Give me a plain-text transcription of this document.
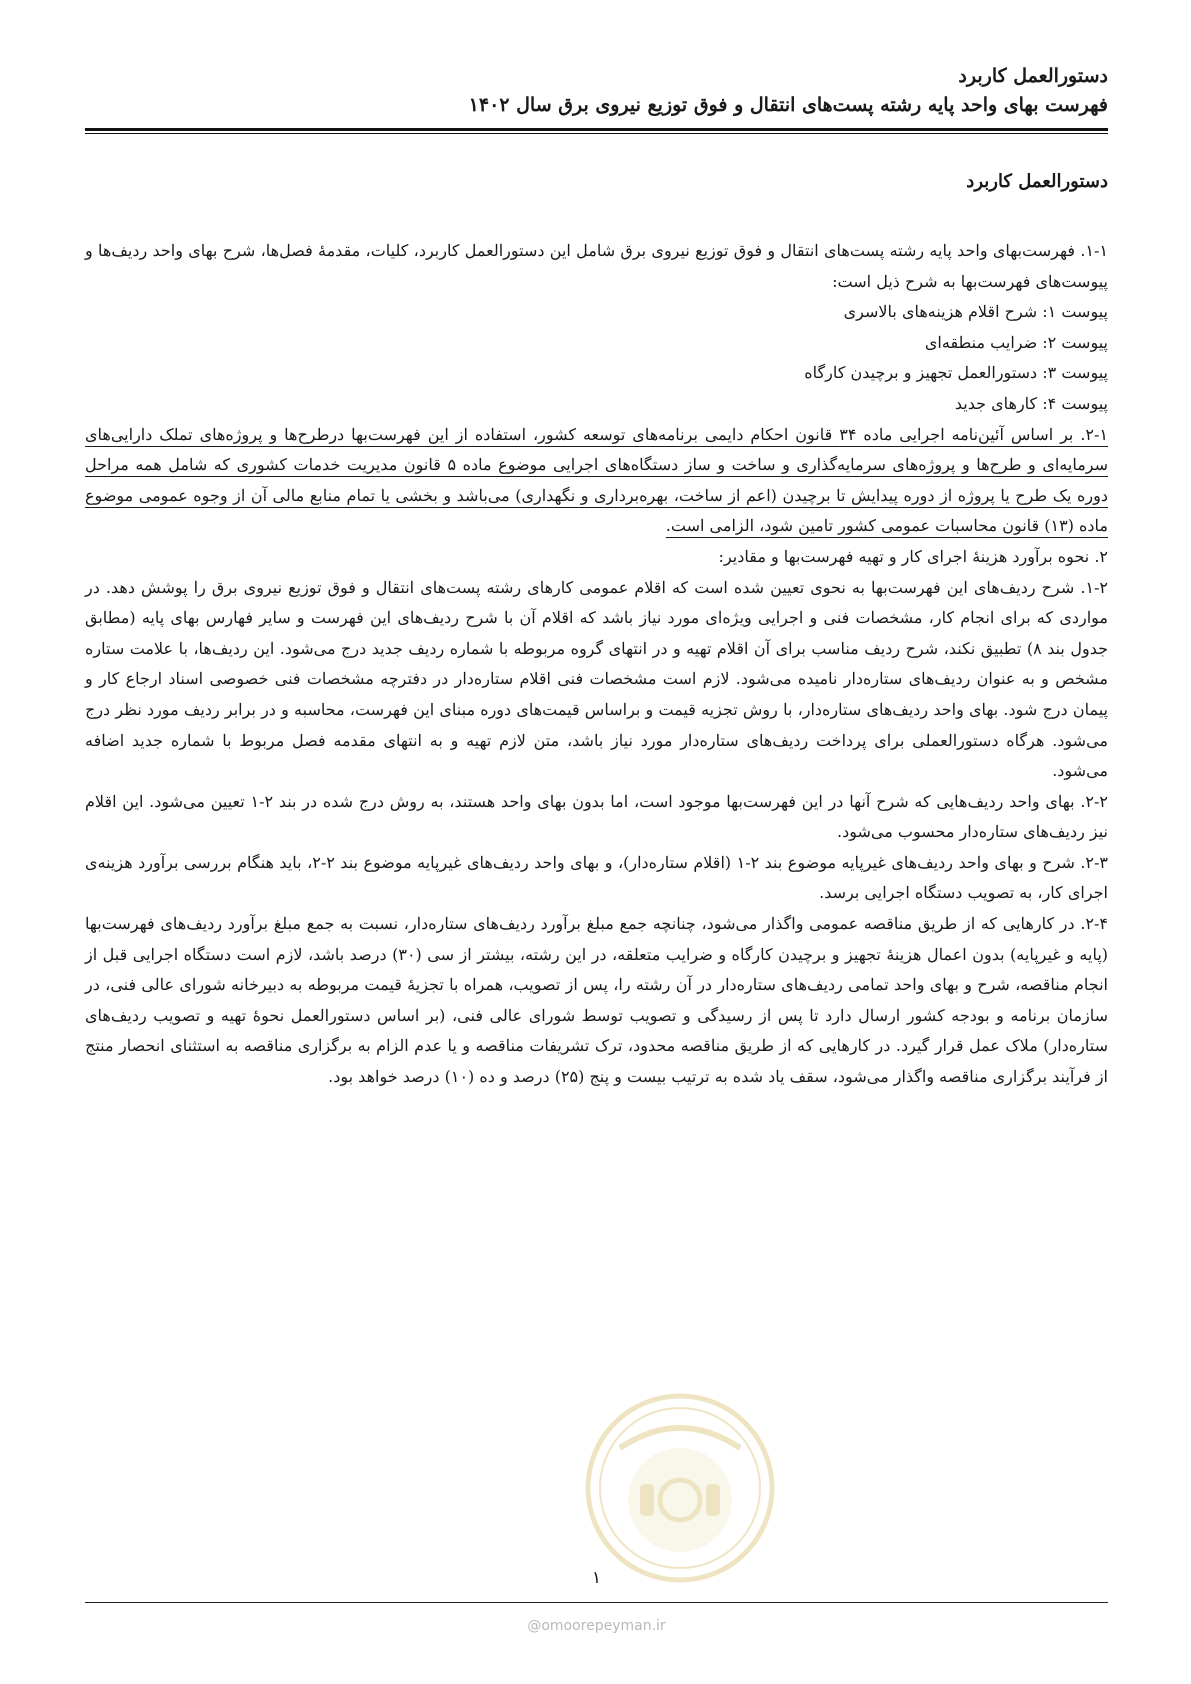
دستورالعمل کاربرد
فهرست بهای واحد پایه رشته پست‌های انتقال و فوق توزیع نیروی برق سال ۱۴۰۲
دستورالعمل کاربرد

۱-۱. فهرست‌بهای واحد پایه رشته پست‌های انتقال و فوق توزیع نیروی برق شامل این دستورالعمل کاربرد، کلیات، مقدمهٔ فصل‌ها، شرح بهای واحد ردیف‌ها و پیوست‌های فهرست‌بها به شرح ذیل است:

پیوست ۱: شرح اقلام هزینه‌های بالاسری

پیوست ۲: ضرایب منطقه‌ای

پیوست ۳: دستورالعمل تجهیز و برچیدن کارگاه

پیوست ۴: کارهای جدید

۲-۱. بر اساس آئین‌نامه اجرایی ماده ۳۴ قانون احکام دایمی برنامه‌های توسعه کشور، استفاده از این فهرست‌بها درطرح‌ها و پروژه‌های تملک دارایی‌های سرمایه‌ای و طرح‌ها و پروژه‌های سرمایه‌گذاری و ساخت و ساز دستگاه‌های اجرایی موضوع ماده ۵ قانون مدیریت خدمات کشوری که شامل همه مراحل دوره یک طرح یا پروژه از دوره پیدایش تا برچیدن (اعم از ساخت، بهره‌برداری و نگهداری) می‌باشد و بخشی یا تمام منابع مالی آن از وجوه عمومی موضوع ماده (۱۳) قانون محاسبات عمومی کشور تامین شود، الزامی است.

۲. نحوه برآورد هزینهٔ اجرای کار و تهیه فهرست‌بها و مقادیر:

۱-۲. شرح ردیف‌های این فهرست‌بها به نحوی تعیین شده است که اقلام عمومی کارهای رشته پست‌های انتقال و فوق توزیع نیروی برق را پوشش دهد. در مواردی که برای انجام کار، مشخصات فنی و اجرایی ویژه‌ای مورد نیاز باشد که اقلام آن با شرح ردیف‌های این فهرست و سایر فهارس بهای پایه (مطابق جدول بند ۸) تطبیق نکند، شرح ردیف مناسب برای آن اقلام تهیه و در انتهای گروه مربوطه با شماره ردیف جدید درج می‌شود. این ردیف‌ها، با علامت ستاره مشخص و به عنوان ردیف‌های ستاره‌دار نامیده می‌شود. لازم است مشخصات فنی اقلام ستاره‌دار در دفترچه مشخصات فنی خصوصی اسناد ارجاع کار و پیمان درج شود. بهای واحد ردیف‌های ستاره‌دار، با روش تجزیه قیمت و براساس قیمت‌های دوره مبنای این فهرست، محاسبه و در برابر ردیف مورد نظر درج می‌شود. هرگاه دستورالعملی برای پرداخت ردیف‌های ستاره‌دار مورد نیاز باشد، متن لازم تهیه و به انتهای مقدمه فصل مربوط با شماره جدید اضافه می‌شود.

۲-۲. بهای واحد ردیف‌هایی که شرح آنها در این فهرست‌بها موجود است، اما بدون بهای واحد هستند، به روش درج شده در بند ۲-۱ تعیین می‌شود. این اقلام نیز ردیف‌های ستاره‌دار محسوب می‌شود.

۲-۳. شرح و بهای واحد ردیف‌های غیرپایه موضوع بند ۲-۱ (اقلام ستاره‌دار)، و بهای واحد ردیف‌های غیرپایه موضوع بند ۲-۲، باید هنگام بررسی برآورد هزینه‌ی اجرای کار، به تصویب دستگاه اجرایی برسد.

۲-۴. در کارهایی که از طریق مناقصه عمومی واگذار می‌شود، چنانچه جمع مبلغ برآورد ردیف‌های ستاره‌دار، نسبت به جمع مبلغ برآورد ردیف‌های فهرست‌بها (پایه و غیرپایه) بدون اعمال هزینهٔ تجهیز و برچیدن کارگاه و ضرایب متعلقه، در این رشته، بیشتر از سی (۳۰) درصد باشد، لازم است دستگاه اجرایی قبل از انجام مناقصه، شرح و بهای واحد تمامی ردیف‌های ستاره‌دار در آن رشته را، پس از تصویب، همراه با تجزیهٔ قیمت مربوطه به دبیرخانه شورای عالی فنی، در سازمان برنامه و بودجه کشور ارسال دارد تا پس از رسیدگی و تصویب توسط شورای عالی فنی، (بر اساس دستورالعمل نحوهٔ تهیه و تصویب ردیف‌های ستاره‌دار) ملاک عمل قرار گیرد. در کارهایی که از طریق مناقصه محدود، ترک تشریفات مناقصه و یا عدم الزام به برگزاری مناقصه به استثنای انحصار منتج از فرآیند برگزاری مناقصه واگذار می‌شود، سقف یاد شده به ترتیب بیست و پنج (۲۵) درصد و ده (۱۰) درصد خواهد بود.

۱
@omoorepeyman.ir
